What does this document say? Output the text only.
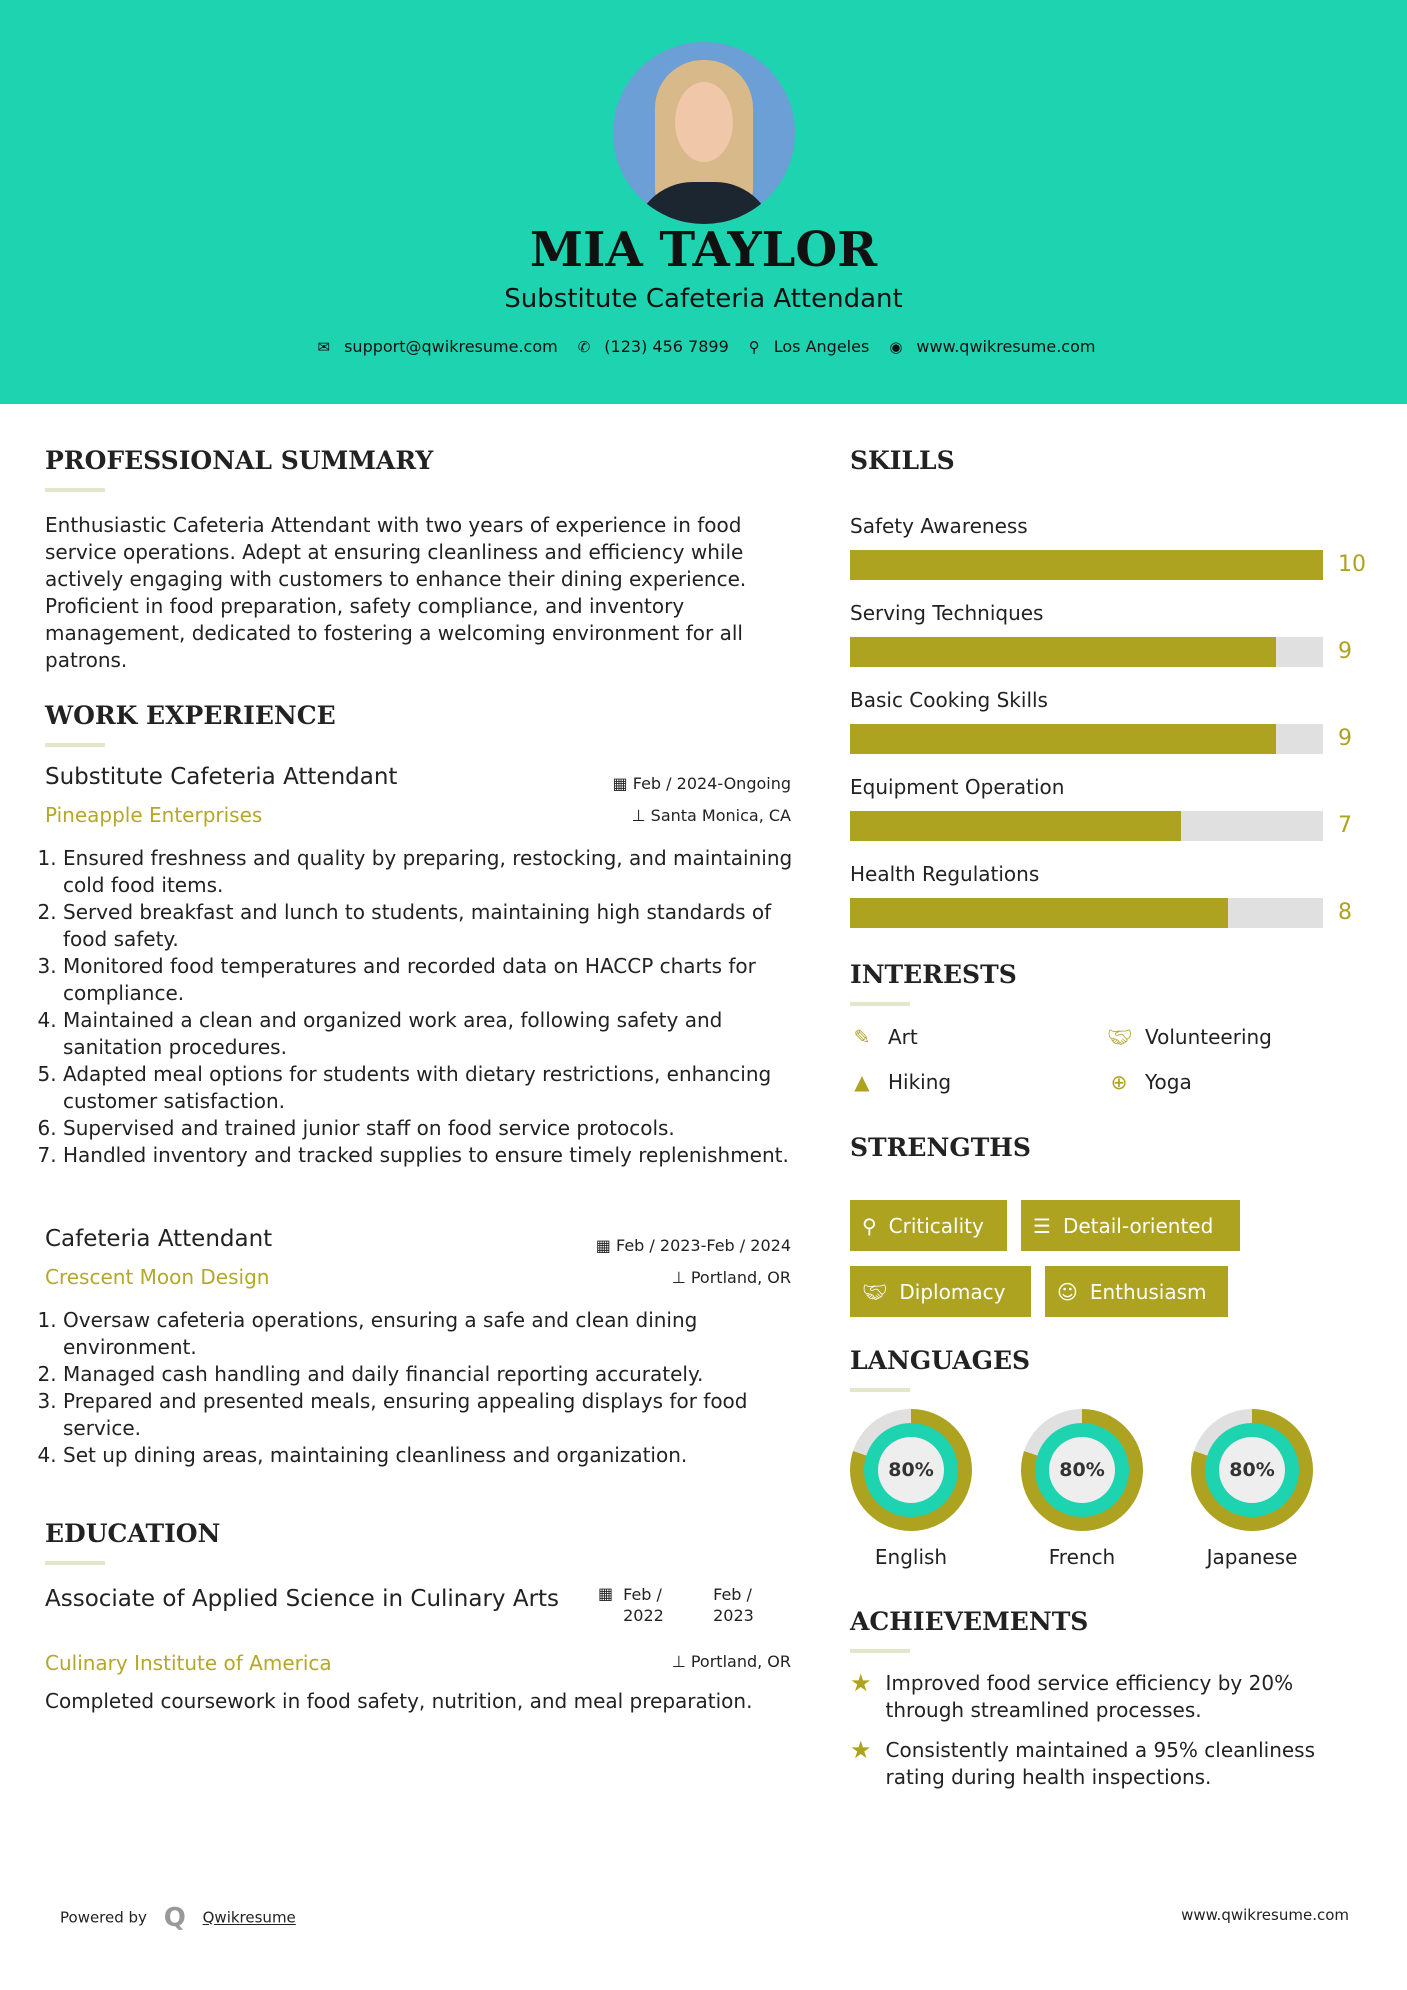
MIA TAYLOR
Substitute Cafeteria Attendant
✉ support@qwikresume.com ✆ (123) 456 7899 ⚲ Los Angeles ◉ www.qwikresume.com
PROFESSIONAL SUMMARY
Enthusiastic Cafeteria Attendant with two years of experience in food service operations. Adept at ensuring cleanliness and efficiency while actively engaging with customers to enhance their dining experience. Proficient in food preparation, safety compliance, and inventory management, dedicated to fostering a welcoming environment for all patrons.
WORK EXPERIENCE
Substitute Cafeteria Attendant	▦ Feb / 2024-Ongoing
Pineapple Enterprises	⊥ Santa Monica, CA
1. Ensured freshness and quality by preparing, restocking, and maintaining cold food items.
2. Served breakfast and lunch to students, maintaining high standards of food safety.
3. Monitored food temperatures and recorded data on HACCP charts for compliance.
4. Maintained a clean and organized work area, following safety and sanitation procedures.
5. Adapted meal options for students with dietary restrictions, enhancing customer satisfaction.
6. Supervised and trained junior staff on food service protocols.
7. Handled inventory and tracked supplies to ensure timely replenishment.
Cafeteria Attendant	▦ Feb / 2023-Feb / 2024
Crescent Moon Design	⊥ Portland, OR
1. Oversaw cafeteria operations, ensuring a safe and clean dining environment.
2. Managed cash handling and daily financial reporting accurately.
3. Prepared and presented meals, ensuring appealing displays for food service.
4. Set up dining areas, maintaining cleanliness and organization.
EDUCATION
Associate of Applied Science in Culinary Arts	▦ Feb / 2022
Feb / 2023
Culinary Institute of America	⊥ Portland, OR
Completed coursework in food safety, nutrition, and meal preparation.
SKILLS
Safety Awareness
10
Serving Techniques
9
Basic Cooking Skills
9
Equipment Operation
7
Health Regulations
8
INTERESTS
✎ Art	🤝︎ Volunteering
▲ Hiking	⊕ Yoga
STRENGTHS
⚲ Criticality ☰ Detail-oriented
🤝︎ Diplomacy	☺ Enthusiasm
LANGUAGES
80%
English
80%
French
80%
Japanese
ACHIEVEMENTS
★ Improved food service efficiency by 20% through streamlined processes.
★ Consistently maintained a 95% cleanliness rating during health inspections.
Powered by Q Qwikresume	www.qwikresume.com
